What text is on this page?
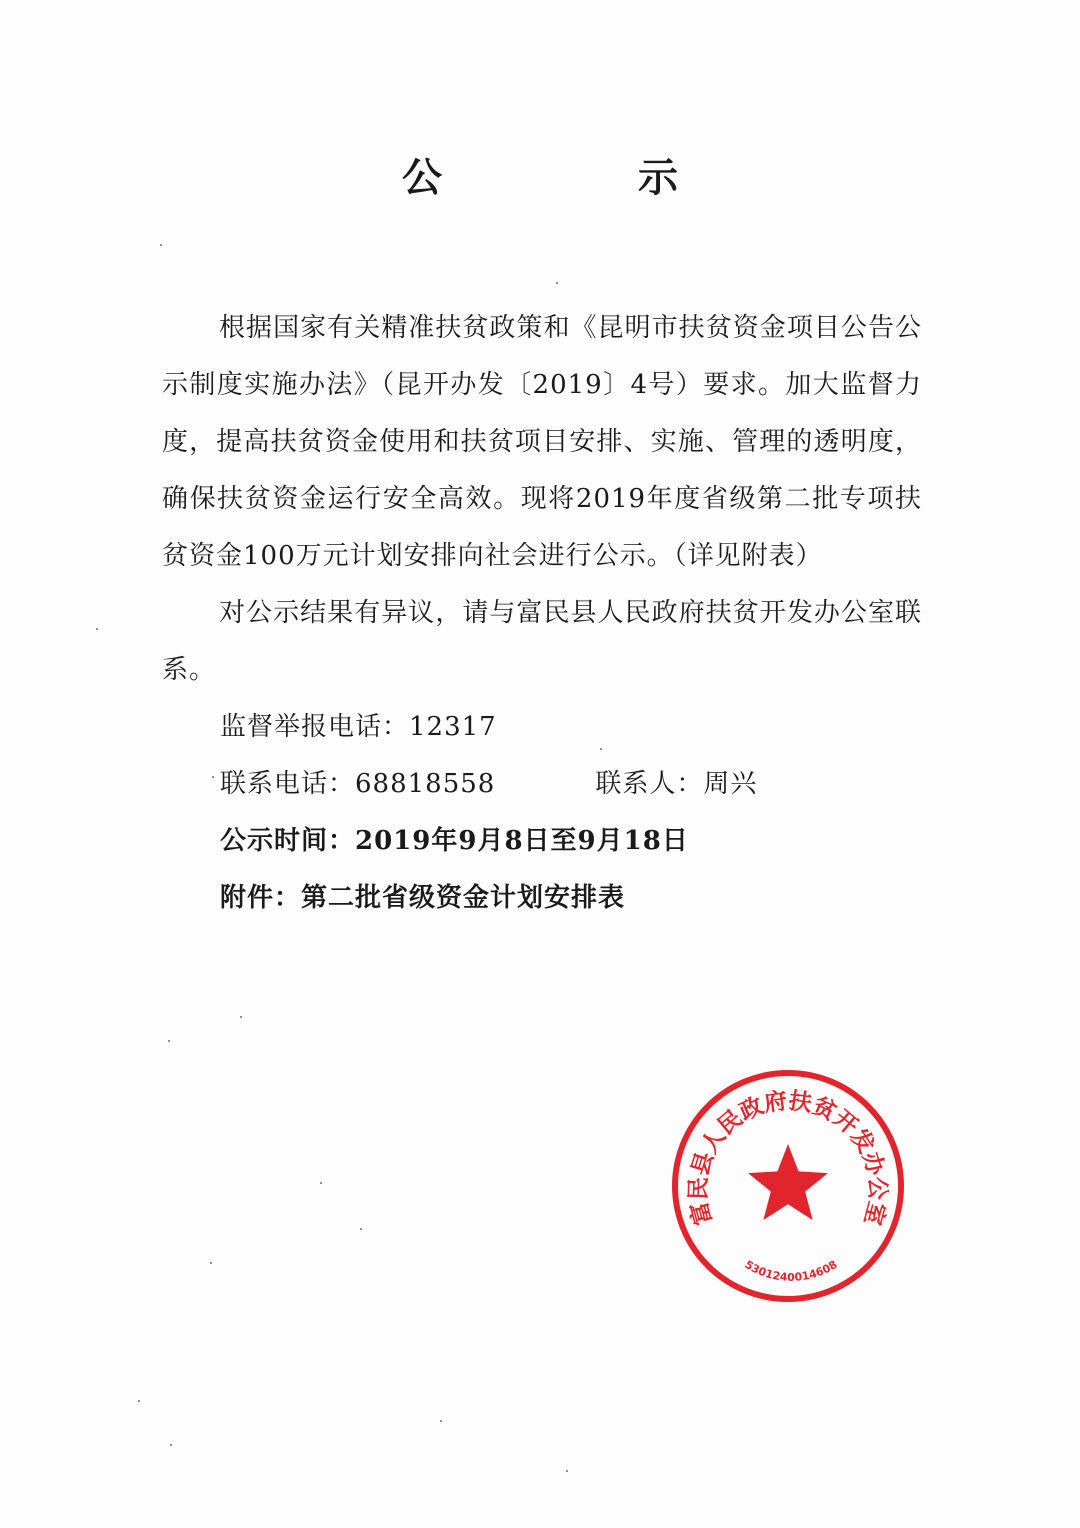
公　示

根据国家有关精准扶贫政策和《昆明市扶贫资金项目公告公示制度实施办法》（昆开办发〔2019〕4号）要求。加大监督力度，提高扶贫资金使用和扶贫项目安排、实施、管理的透明度，确保扶贫资金运行安全高效。现将2019年度省级第二批专项扶贫资金100万元计划安排向社会进行公示。（详见附表）

对公示结果有异议，请与富民县人民政府扶贫开发办公室联系。

监督举报电话：12317

联系电话：68818558	联系人：周兴

公示时间：2019年9月8日至9月18日

附件：第二批省级资金计划安排表

富民县人民政府扶贫开发办公室
5301240014608
